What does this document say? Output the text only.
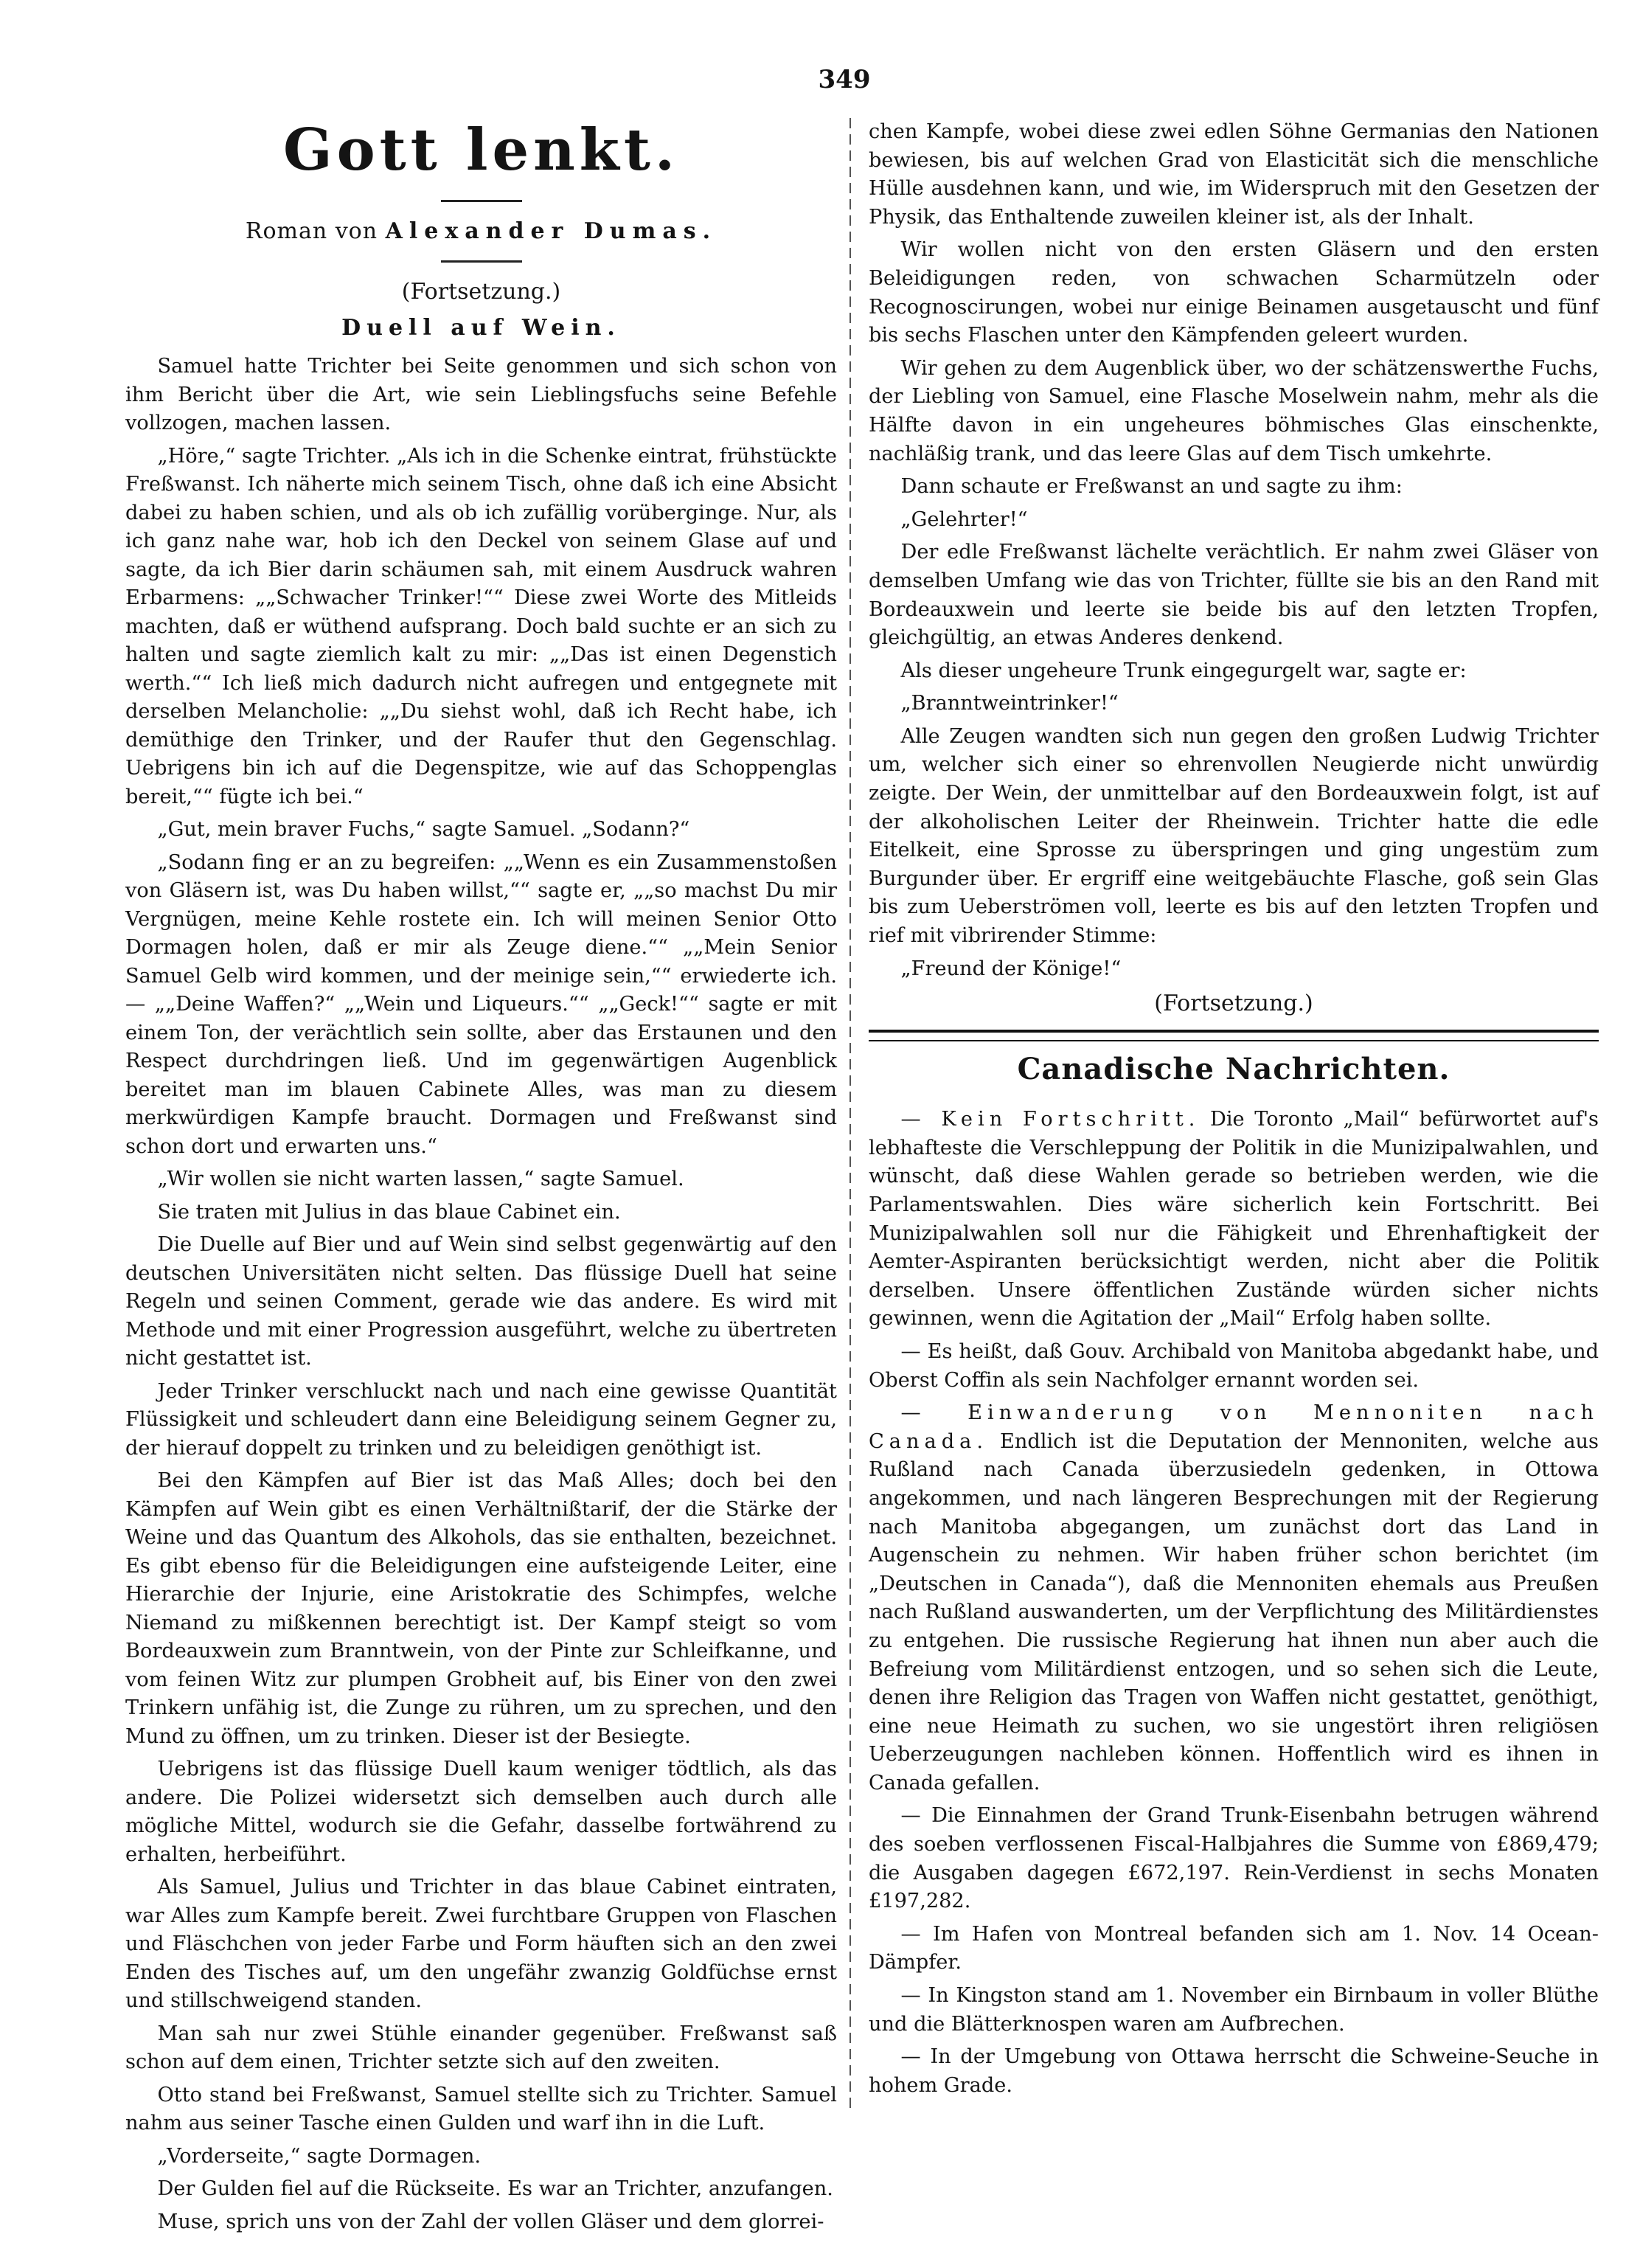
349
Gott lenkt.
Roman von Alexander Dumas.
(Fortsetzung.)
Duell auf Wein.

Samuel hatte Trichter bei Seite genommen und sich schon von ihm Bericht über die Art, wie sein Lieblingsfuchs seine Befehle vollzogen, machen lassen.

„Höre,“ sagte Trichter. „Als ich in die Schenke eintrat, frühstückte Freßwanst. Ich näherte mich seinem Tisch, ohne daß ich eine Absicht dabei zu haben schien, und als ob ich zufällig vorüberginge. Nur, als ich ganz nahe war, hob ich den Deckel von seinem Glase auf und sagte, da ich Bier darin schäumen sah, mit einem Ausdruck wahren Erbarmens: „„Schwacher Trinker!““ Diese zwei Worte des Mitleids machten, daß er wüthend aufsprang. Doch bald suchte er an sich zu halten und sagte ziemlich kalt zu mir: „„Das ist einen Degenstich werth.““ Ich ließ mich dadurch nicht aufregen und entgegnete mit derselben Melancholie: „„Du siehst wohl, daß ich Recht habe, ich demüthige den Trinker, und der Raufer thut den Gegenschlag. Uebrigens bin ich auf die Degenspitze, wie auf das Schoppenglas bereit,““ fügte ich bei.“

„Gut, mein braver Fuchs,“ sagte Samuel. „Sodann?“

„Sodann fing er an zu begreifen: „„Wenn es ein Zusammenstoßen von Gläsern ist, was Du haben willst,““ sagte er, „„so machst Du mir Vergnügen, meine Kehle rostete ein. Ich will meinen Senior Otto Dormagen holen, daß er mir als Zeuge diene.““ „„Mein Senior Samuel Gelb wird kommen, und der meinige sein,““ erwiederte ich. — „„Deine Waffen?“ „„Wein und Liqueurs.““ „„Geck!““ sagte er mit einem Ton, der verächtlich sein sollte, aber das Erstaunen und den Respect durchdringen ließ. Und im gegenwärtigen Augenblick bereitet man im blauen Cabinete Alles, was man zu diesem merkwürdigen Kampfe braucht. Dormagen und Freßwanst sind schon dort und erwarten uns.“

„Wir wollen sie nicht warten lassen,“ sagte Samuel.

Sie traten mit Julius in das blaue Cabinet ein.

Die Duelle auf Bier und auf Wein sind selbst gegenwärtig auf den deutschen Universitäten nicht selten. Das flüssige Duell hat seine Regeln und seinen Comment, gerade wie das andere. Es wird mit Methode und mit einer Progression ausgeführt, welche zu übertreten nicht gestattet ist.

Jeder Trinker verschluckt nach und nach eine gewisse Quantität Flüssigkeit und schleudert dann eine Beleidigung seinem Gegner zu, der hierauf doppelt zu trinken und zu beleidigen genöthigt ist.

Bei den Kämpfen auf Bier ist das Maß Alles; doch bei den Kämpfen auf Wein gibt es einen Verhältnißtarif, der die Stärke der Weine und das Quantum des Alkohols, das sie enthalten, bezeichnet. Es gibt ebenso für die Beleidigungen eine aufsteigende Leiter, eine Hierarchie der Injurie, eine Aristokratie des Schimpfes, welche Niemand zu mißkennen berechtigt ist. Der Kampf steigt so vom Bordeauxwein zum Branntwein, von der Pinte zur Schleifkanne, und vom feinen Witz zur plumpen Grobheit auf, bis Einer von den zwei Trinkern unfähig ist, die Zunge zu rühren, um zu sprechen, und den Mund zu öffnen, um zu trinken. Dieser ist der Besiegte.

Uebrigens ist das flüssige Duell kaum weniger tödtlich, als das andere. Die Polizei widersetzt sich demselben auch durch alle mögliche Mittel, wodurch sie die Gefahr, dasselbe fortwährend zu erhalten, herbeiführt.

Als Samuel, Julius und Trichter in das blaue Cabinet eintraten, war Alles zum Kampfe bereit. Zwei furchtbare Gruppen von Flaschen und Fläschchen von jeder Farbe und Form häuften sich an den zwei Enden des Tisches auf, um den ungefähr zwanzig Goldfüchse ernst und stillschweigend standen.

Man sah nur zwei Stühle einander gegenüber. Freßwanst saß schon auf dem einen, Trichter setzte sich auf den zweiten.

Otto stand bei Freßwanst, Samuel stellte sich zu Trichter. Samuel nahm aus seiner Tasche einen Gulden und warf ihn in die Luft.

„Vorderseite,“ sagte Dormagen.

Der Gulden fiel auf die Rückseite. Es war an Trichter, anzufangen.

Muse, sprich uns von der Zahl der vollen Gläser und dem glorrei-

chen Kampfe, wobei diese zwei edlen Söhne Germanias den Nationen bewiesen, bis auf welchen Grad von Elasticität sich die menschliche Hülle ausdehnen kann, und wie, im Widerspruch mit den Gesetzen der Physik, das Enthaltende zuweilen kleiner ist, als der Inhalt.

Wir wollen nicht von den ersten Gläsern und den ersten Beleidigungen reden, von schwachen Scharmützeln oder Recognoscirungen, wobei nur einige Beinamen ausgetauscht und fünf bis sechs Flaschen unter den Kämpfenden geleert wurden.

Wir gehen zu dem Augenblick über, wo der schätzenswerthe Fuchs, der Liebling von Samuel, eine Flasche Moselwein nahm, mehr als die Hälfte davon in ein ungeheures böhmisches Glas einschenkte, nachläßig trank, und das leere Glas auf dem Tisch umkehrte.

Dann schaute er Freßwanst an und sagte zu ihm:

„Gelehrter!“

Der edle Freßwanst lächelte verächtlich. Er nahm zwei Gläser von demselben Umfang wie das von Trichter, füllte sie bis an den Rand mit Bordeauxwein und leerte sie beide bis auf den letzten Tropfen, gleichgültig, an etwas Anderes denkend.

Als dieser ungeheure Trunk eingegurgelt war, sagte er:

„Branntweintrinker!“

Alle Zeugen wandten sich nun gegen den großen Ludwig Trichter um, welcher sich einer so ehrenvollen Neugierde nicht unwürdig zeigte. Der Wein, der unmittelbar auf den Bordeauxwein folgt, ist auf der alkoholischen Leiter der Rheinwein. Trichter hatte die edle Eitelkeit, eine Sprosse zu überspringen und ging ungestüm zum Burgunder über. Er ergriff eine weitgebäuchte Flasche, goß sein Glas bis zum Ueberströmen voll, leerte es bis auf den letzten Tropfen und rief mit vibrirender Stimme:

„Freund der Könige!“

(Fortsetzung.)
Canadische Nachrichten.

— Kein Fortschritt. Die Toronto „Mail“ befürwortet auf's lebhafteste die Verschleppung der Politik in die Munizipalwahlen, und wünscht, daß diese Wahlen gerade so betrieben werden, wie die Parlamentswahlen. Dies wäre sicherlich kein Fortschritt. Bei Munizipalwahlen soll nur die Fähigkeit und Ehrenhaftigkeit der Aemter-Aspiranten berücksichtigt werden, nicht aber die Politik derselben. Unsere öffentlichen Zustände würden sicher nichts gewinnen, wenn die Agitation der „Mail“ Erfolg haben sollte.

— Es heißt, daß Gouv. Archibald von Manitoba abgedankt habe, und Oberst Coffin als sein Nachfolger ernannt worden sei.

— Einwanderung von Mennoniten nach Canada. Endlich ist die Deputation der Mennoniten, welche aus Rußland nach Canada überzusiedeln gedenken, in Ottowa angekommen, und nach längeren Besprechungen mit der Regierung nach Manitoba abgegangen, um zunächst dort das Land in Augenschein zu nehmen. Wir haben früher schon berichtet (im „Deutschen in Canada“), daß die Mennoniten ehemals aus Preußen nach Rußland auswanderten, um der Verpflichtung des Militärdienstes zu entgehen. Die russische Regierung hat ihnen nun aber auch die Befreiung vom Militärdienst entzogen, und so sehen sich die Leute, denen ihre Religion das Tragen von Waffen nicht gestattet, genöthigt, eine neue Heimath zu suchen, wo sie ungestört ihren religiösen Ueberzeugungen nachleben können. Hoffentlich wird es ihnen in Canada gefallen.

— Die Einnahmen der Grand Trunk-Eisenbahn betrugen während des soeben verflossenen Fiscal-Halbjahres die Summe von £869,479; die Ausgaben dagegen £672,197. Rein-Verdienst in sechs Monaten £197,282.

— Im Hafen von Montreal befanden sich am 1. Nov. 14 Ocean-Dämpfer.

— In Kingston stand am 1. November ein Birnbaum in voller Blüthe und die Blätterknospen waren am Aufbrechen.

— In der Umgebung von Ottawa herrscht die Schweine-Seuche in hohem Grade.
